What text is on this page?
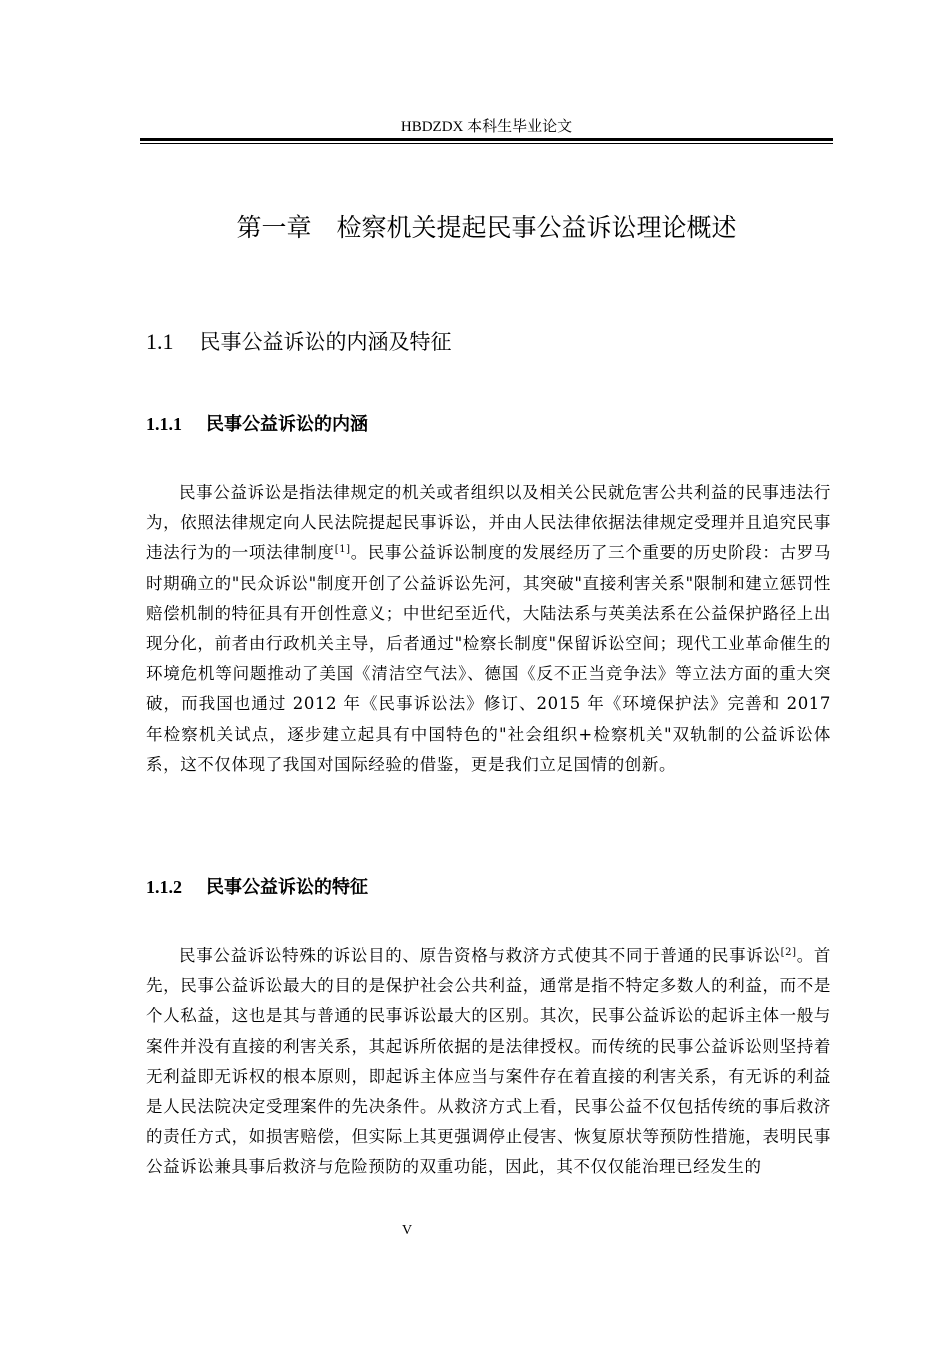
HBDZDX 本科生毕业论文
第一章　检察机关提起民事公益诉讼理论概述
1.1 民事公益诉讼的内涵及特征
1.1.1 民事公益诉讼的内涵

民事公益诉讼是指法律规定的机关或者组织以及相关公民就危害公共利益的民事违法行为，依照法律规定向人民法院提起民事诉讼，并由人民法律依据法律规定受理并且追究民事违法行为的一项法律制度[1]。民事公益诉讼制度的发展经历了三个重要的历史阶段：古罗马时期确立的"民众诉讼"制度开创了公益诉讼先河，其突破"直接利害关系"限制和建立惩罚性赔偿机制的特征具有开创性意义；中世纪至近代，大陆法系与英美法系在公益保护路径上出现分化，前者由行政机关主导，后者通过"检察长制度"保留诉讼空间；现代工业革命催生的环境危机等问题推动了美国《清洁空气法》、德国《反不正当竞争法》等立法方面的重大突破，而我国也通过 2012 年《民事诉讼法》修订、2015 年《环境保护法》完善和 2017 年检察机关试点，逐步建立起具有中国特色的"社会组织+检察机关"双轨制的公益诉讼体系，这不仅体现了我国对国际经验的借鉴，更是我们立足国情的创新。

1.1.2 民事公益诉讼的特征

民事公益诉讼特殊的诉讼目的、原告资格与救济方式使其不同于普通的民事诉讼[2]。首先，民事公益诉讼最大的目的是保护社会公共利益，通常是指不特定多数人的利益，而不是个人私益，这也是其与普通的民事诉讼最大的区别。其次，民事公益诉讼的起诉主体一般与案件并没有直接的利害关系，其起诉所依据的是法律授权。而传统的民事公益诉讼则坚持着无利益即无诉权的根本原则，即起诉主体应当与案件存在着直接的利害关系，有无诉的利益是人民法院决定受理案件的先决条件。从救济方式上看，民事公益不仅包括传统的事后救济的责任方式，如损害赔偿，但实际上其更强调停止侵害、恢复原状等预防性措施，表明民事公益诉讼兼具事后救济与危险预防的双重功能，因此，其不仅仅能治理已经发生的

V
